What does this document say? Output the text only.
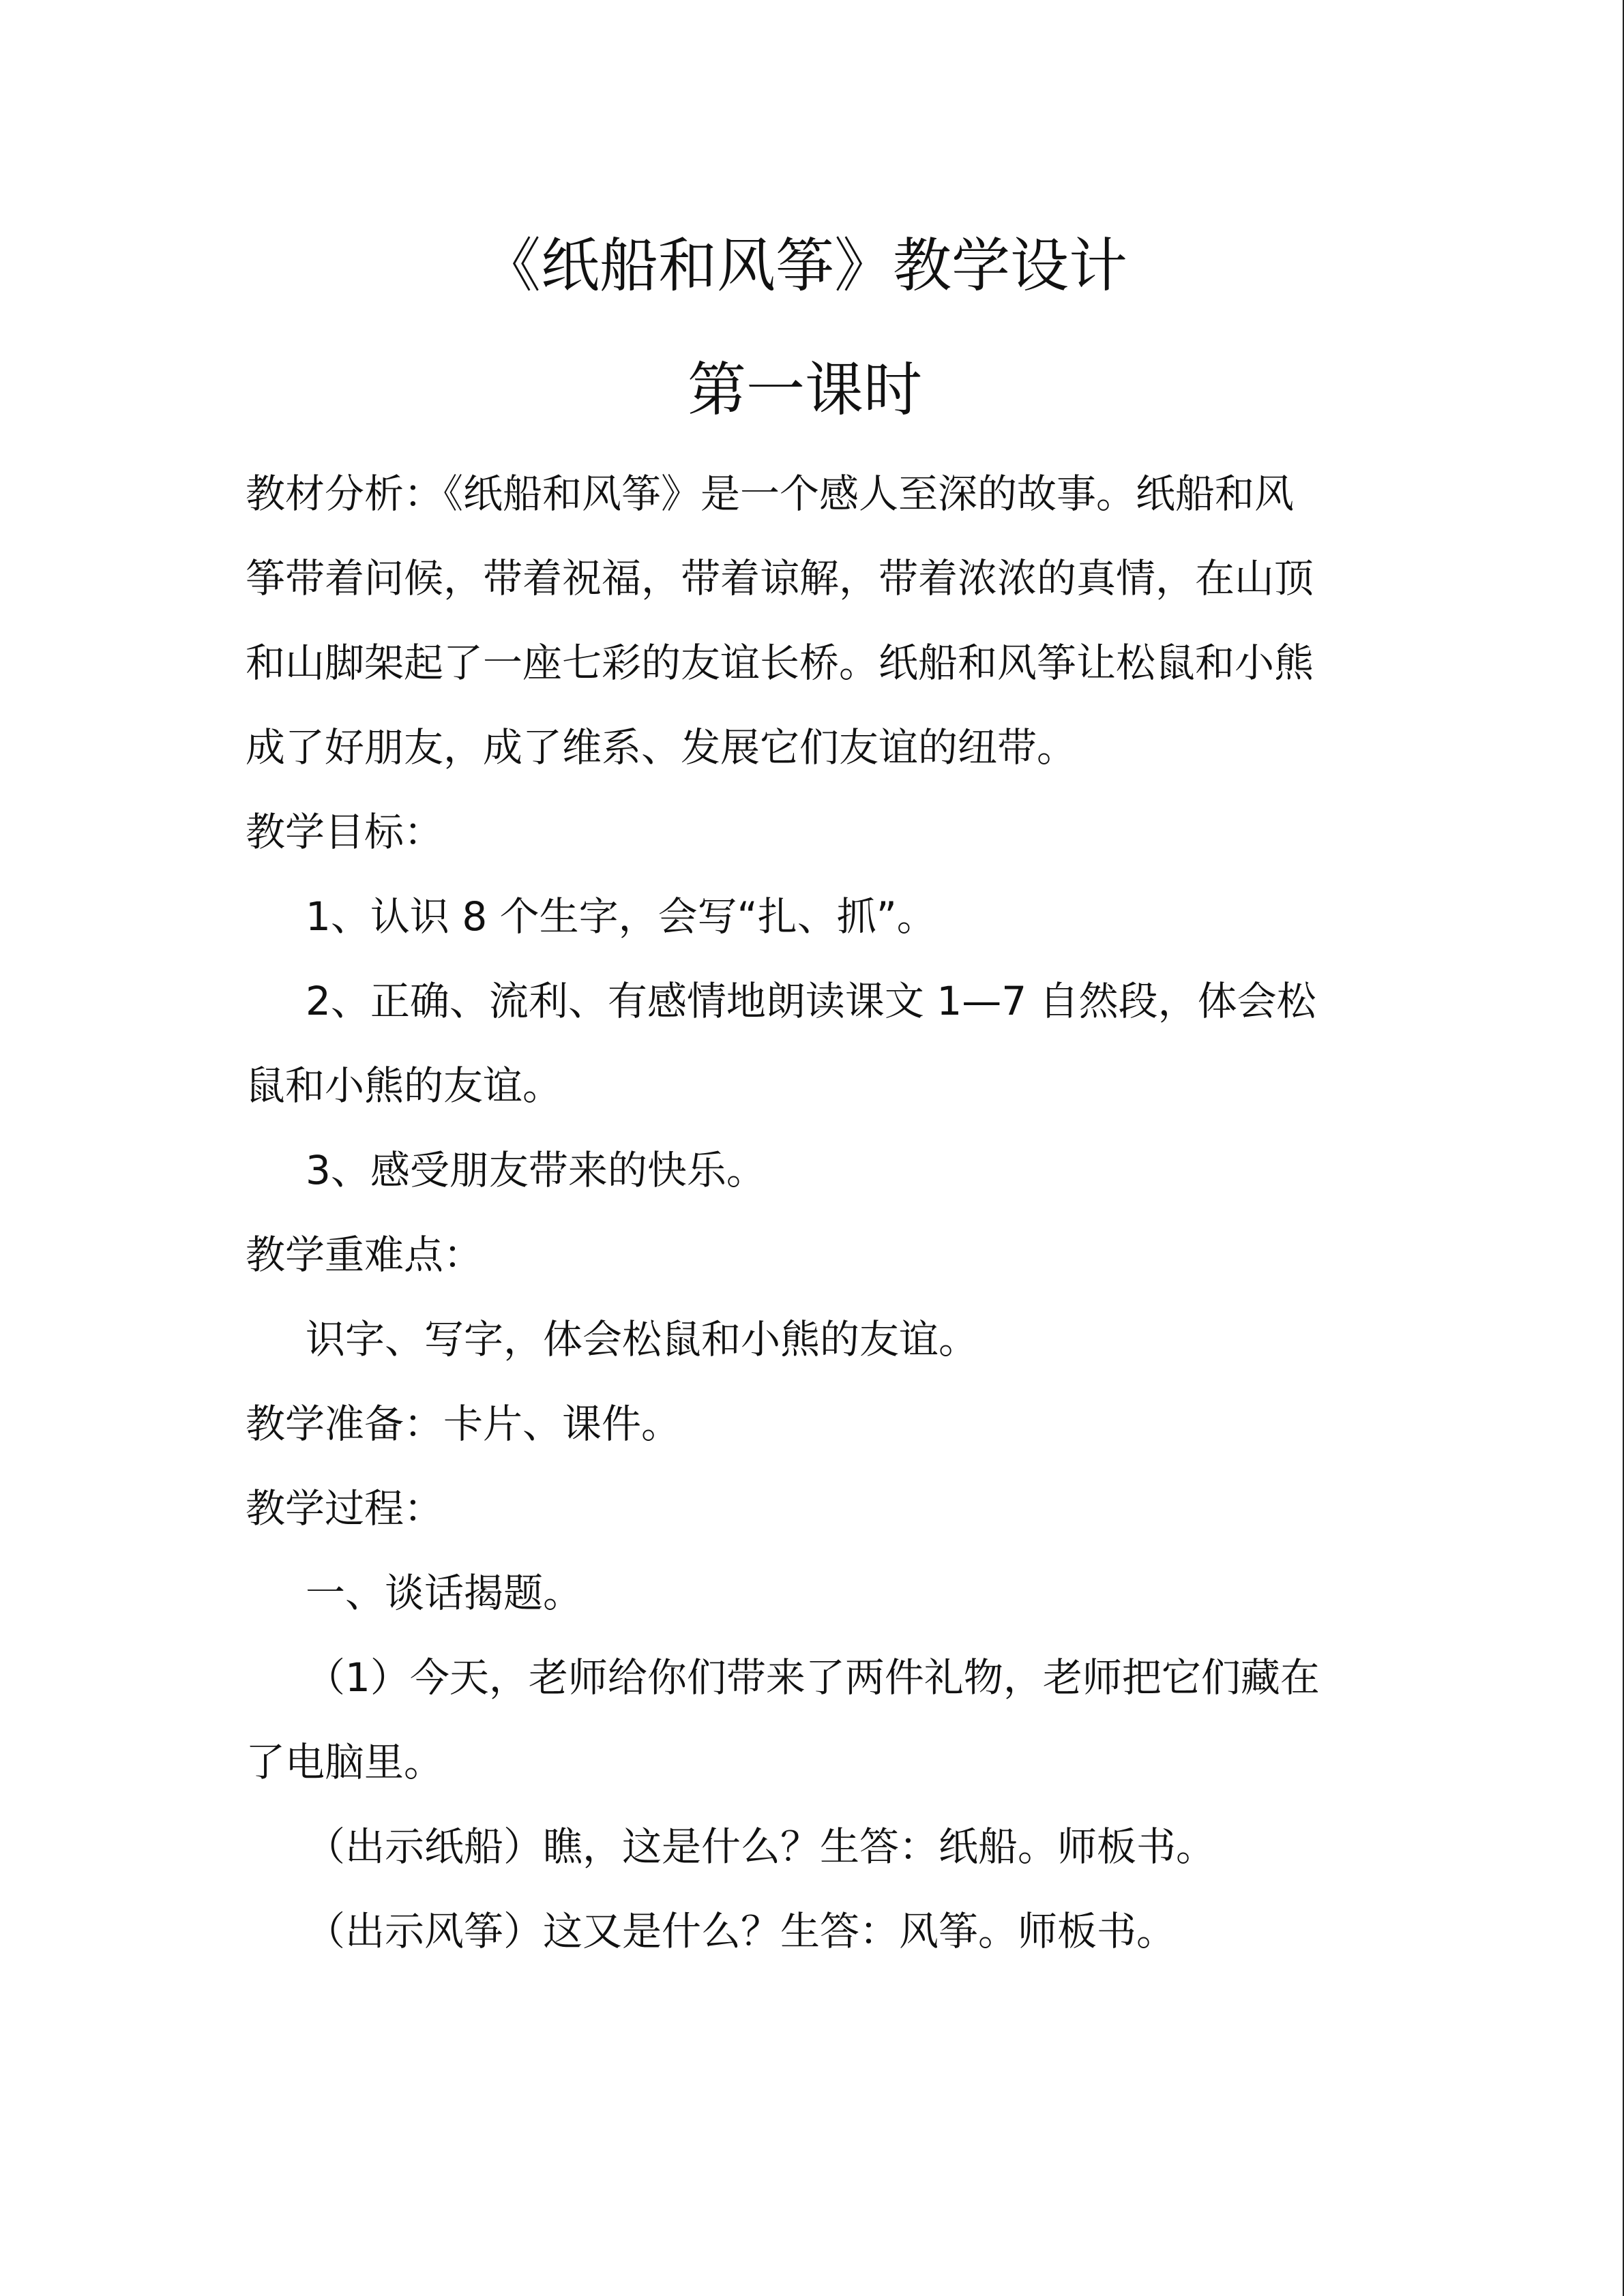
《纸船和风筝》教学设计
第一课时

教材分析：《纸船和风筝》是一个感人至深的故事。纸船和风

筝带着问候，带着祝福，带着谅解，带着浓浓的真情，在山顶

和山脚架起了一座七彩的友谊长桥。纸船和风筝让松鼠和小熊

成了好朋友，成了维系、发展它们友谊的纽带。

教学目标：

1、认识 8 个生字，会写“扎、抓”。

2、正确、流利、有感情地朗读课文 1—7 自然段，体会松

鼠和小熊的友谊。

3、感受朋友带来的快乐。

教学重难点：

识字、写字，体会松鼠和小熊的友谊。

教学准备：卡片、课件。

教学过程：

一、谈话揭题。

（1）今天，老师给你们带来了两件礼物，老师把它们藏在

了电脑里。

（出示纸船）瞧，这是什么？生答：纸船。师板书。

（出示风筝）这又是什么？生答：风筝。师板书。
